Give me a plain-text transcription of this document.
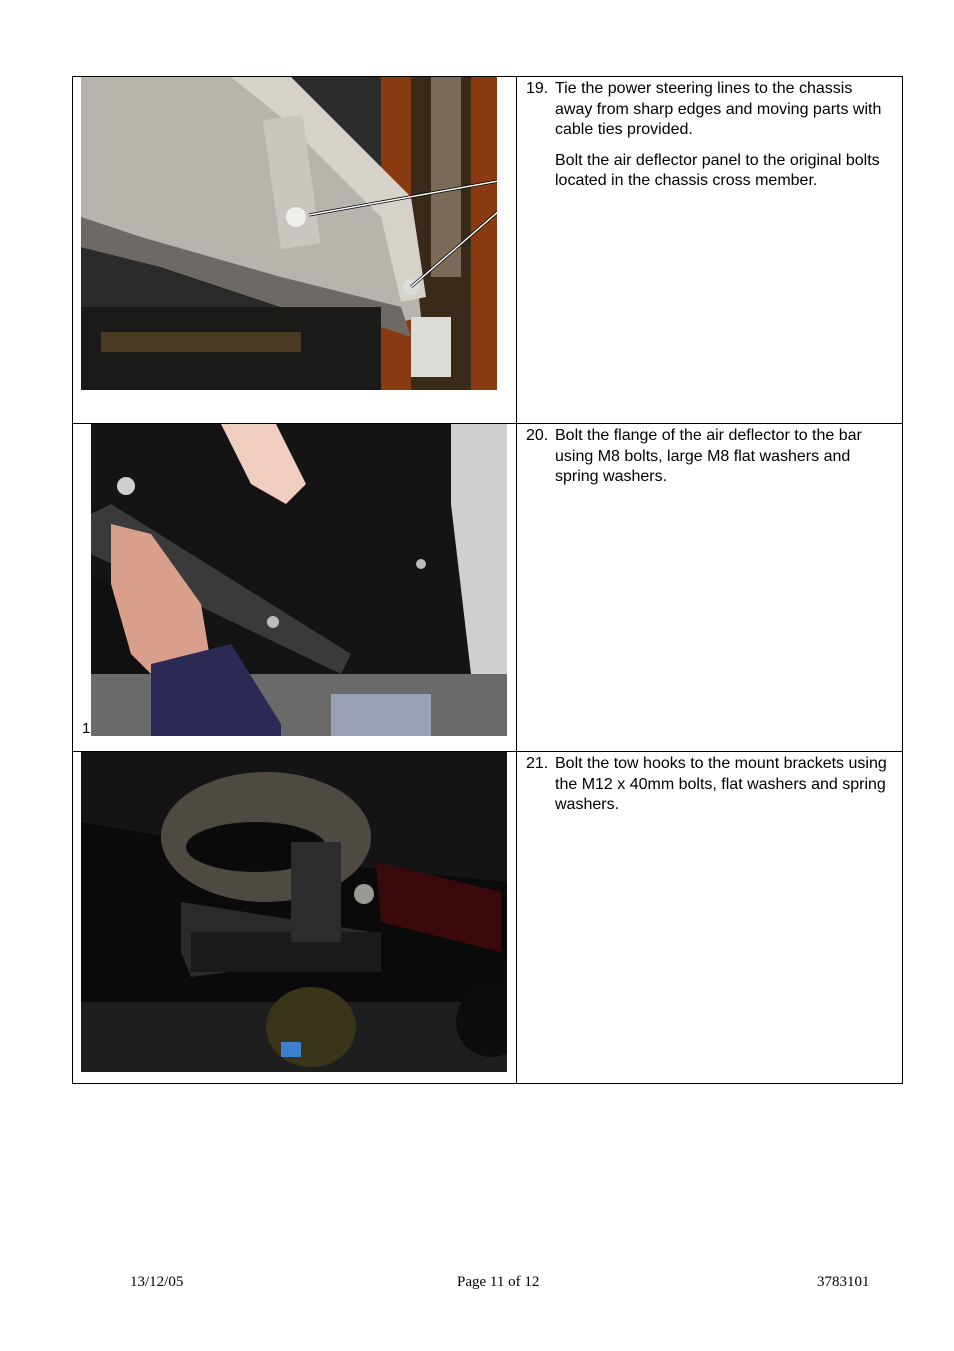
19. Tie the power steering lines to the chassis away from sharp edges and moving parts with cable ties provided.

Bolt the air deflector panel to the original bolts located in the chassis cross member.

1	20. Bolt the flange of the air deflector to the bar using M8 bolts, large M8 flat washers and spring washers.

21. Bolt the tow hooks to the mount brackets using the M12 x 40mm bolts, flat washers and spring washers.

13/12/05	Page 11 of 12	3783101
